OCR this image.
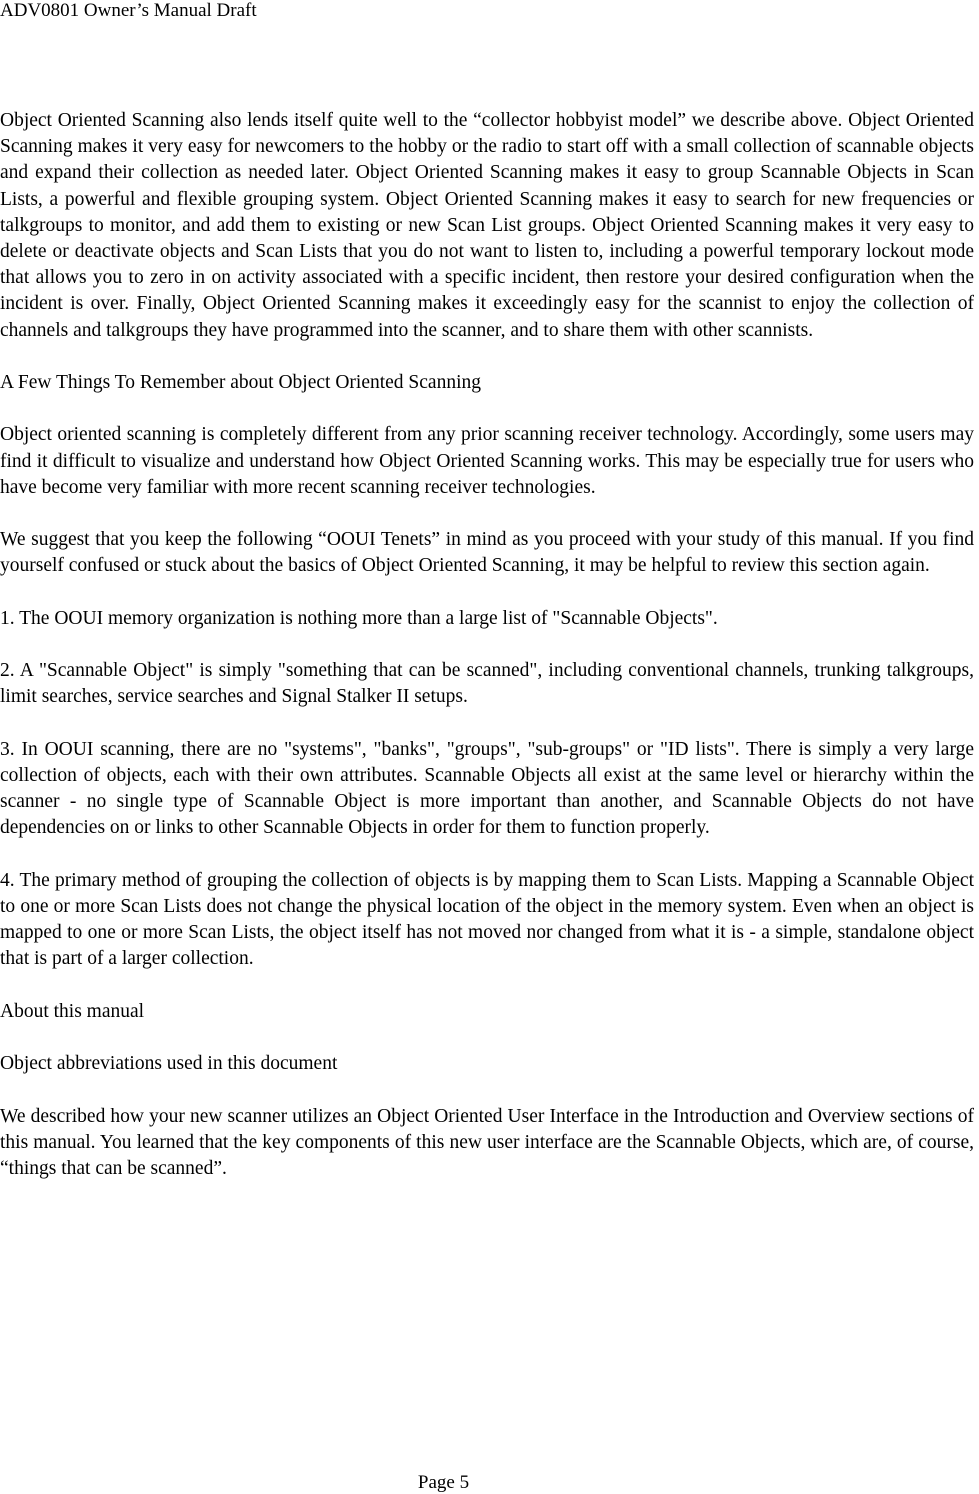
ADV0801 Owner’s Manual Draft

Object Oriented Scanning also lends itself quite well to the “collector hobbyist model” we describe above. Object Oriented Scanning makes it very easy for newcomers to the hobby or the radio to start off with a small collection of scannable objects and expand their collection as needed later. Object Oriented Scanning makes it easy to group Scannable Objects in Scan Lists, a powerful and flexible grouping system. Object Oriented Scanning makes it easy to search for new frequencies or talkgroups to monitor, and add them to existing or new Scan List groups. Object Oriented Scanning makes it very easy to delete or deactivate objects and Scan Lists that you do not want to listen to, including a powerful temporary lockout mode that allows you to zero in on activity associated with a specific incident, then restore your desired configuration when the incident is over. Finally, Object Oriented Scanning makes it exceedingly easy for the scannist to enjoy the collection of channels and talkgroups they have programmed into the scanner, and to share them with other scannists.

A Few Things To Remember about Object Oriented Scanning

Object oriented scanning is completely different from any prior scanning receiver technology. Accordingly, some users may find it difficult to visualize and understand how Object Oriented Scanning works. This may be especially true for users who have become very familiar with more recent scanning receiver technologies.

We suggest that you keep the following “OOUI Tenets” in mind as you proceed with your study of this manual. If you find yourself confused or stuck about the basics of Object Oriented Scanning, it may be helpful to review this section again.

1. The OOUI memory organization is nothing more than a large list of "Scannable Objects".

2. A "Scannable Object" is simply "something that can be scanned", including conventional channels, trunking talkgroups, limit searches, service searches and Signal Stalker II setups.

3. In OOUI scanning, there are no "systems", "banks", "groups", "sub-groups" or "ID lists". There is simply a very large collection of objects, each with their own attributes. Scannable Objects all exist at the same level or hierarchy within the scanner - no single type of Scannable Object is more important than another, and Scannable Objects do not have dependencies on or links to other Scannable Objects in order for them to function properly.

4. The primary method of grouping the collection of objects is by mapping them to Scan Lists. Mapping a Scannable Object to one or more Scan Lists does not change the physical location of the object in the memory system. Even when an object is mapped to one or more Scan Lists, the object itself has not moved nor changed from what it is - a simple, standalone object that is part of a larger collection.

About this manual

Object abbreviations used in this document

We described how your new scanner utilizes an Object Oriented User Interface in the Introduction and Overview sections of this manual. You learned that the key components of this new user interface are the Scannable Objects, which are, of course, “things that can be scanned”.

Page 5
